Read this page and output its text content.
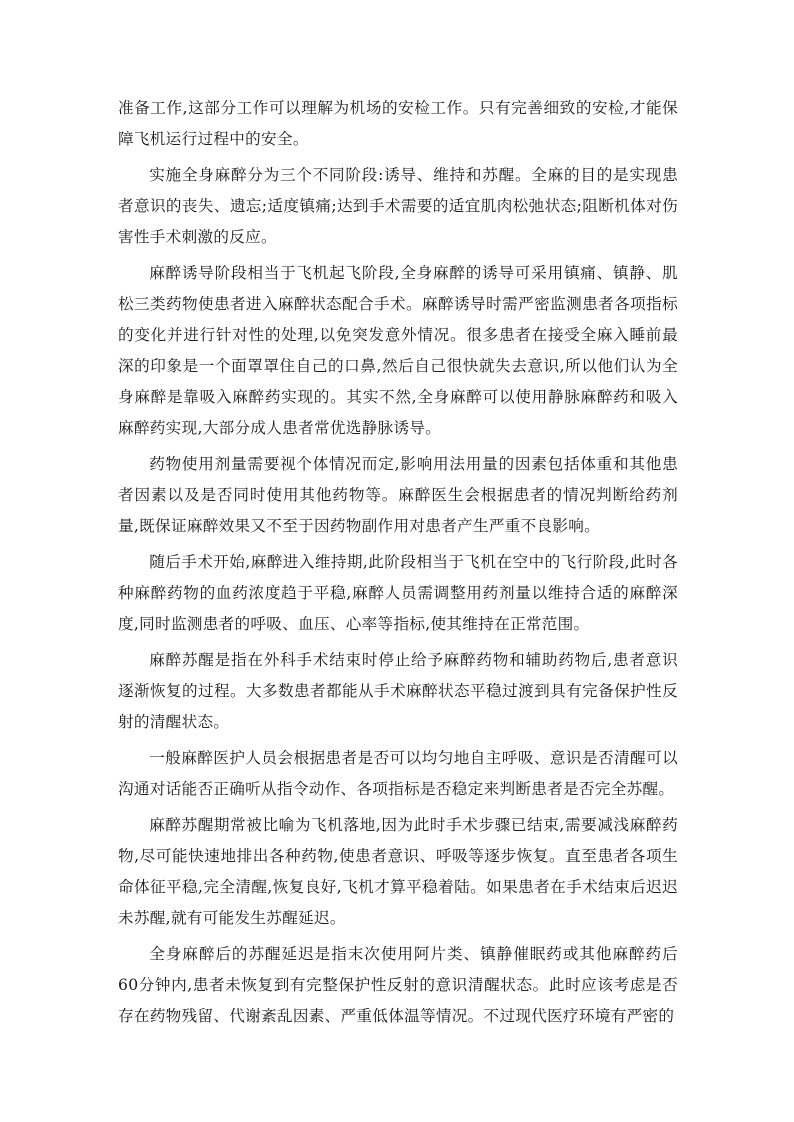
准备工作,这部分工作可以理解为机场的安检工作。只有完善细致的安检,才能保障飞机运行过程中的安全。

实施全身麻醉分为三个不同阶段:诱导、维持和苏醒。全麻的目的是实现患者意识的丧失、遗忘;适度镇痛;达到手术需要的适宜肌肉松弛状态;阻断机体对伤害性手术刺激的反应。

麻醉诱导阶段相当于飞机起飞阶段,全身麻醉的诱导可采用镇痛、镇静、肌松三类药物使患者进入麻醉状态配合手术。麻醉诱导时需严密监测患者各项指标的变化并进行针对性的处理,以免突发意外情况。很多患者在接受全麻入睡前最深的印象是一个面罩罩住自己的口鼻,然后自己很快就失去意识,所以他们认为全身麻醉是靠吸入麻醉药实现的。其实不然,全身麻醉可以使用静脉麻醉药和吸入麻醉药实现,大部分成人患者常优选静脉诱导。

药物使用剂量需要视个体情况而定,影响用法用量的因素包括体重和其他患者因素以及是否同时使用其他药物等。麻醉医生会根据患者的情况判断给药剂量,既保证麻醉效果又不至于因药物副作用对患者产生严重不良影响。

随后手术开始,麻醉进入维持期,此阶段相当于飞机在空中的飞行阶段,此时各种麻醉药物的血药浓度趋于平稳,麻醉人员需调整用药剂量以维持合适的麻醉深度,同时监测患者的呼吸、血压、心率等指标,使其维持在正常范围。

麻醉苏醒是指在外科手术结束时停止给予麻醉药物和辅助药物后,患者意识逐渐恢复的过程。大多数患者都能从手术麻醉状态平稳过渡到具有完备保护性反射的清醒状态。

一般麻醉医护人员会根据患者是否可以均匀地自主呼吸、意识是否清醒可以沟通对话能否正确听从指令动作、各项指标是否稳定来判断患者是否完全苏醒。

麻醉苏醒期常被比喻为飞机落地,因为此时手术步骤已结束,需要减浅麻醉药物,尽可能快速地排出各种药物,使患者意识、呼吸等逐步恢复。直至患者各项生命体征平稳,完全清醒,恢复良好,飞机才算平稳着陆。如果患者在手术结束后迟迟未苏醒,就有可能发生苏醒延迟。

全身麻醉后的苏醒延迟是指末次使用阿片类、镇静催眠药或其他麻醉药后60分钟内,患者未恢复到有完整保护性反射的意识清醒状态。此时应该考虑是否存在药物残留、代谢紊乱因素、严重低体温等情况。不过现代医疗环境有严密的
